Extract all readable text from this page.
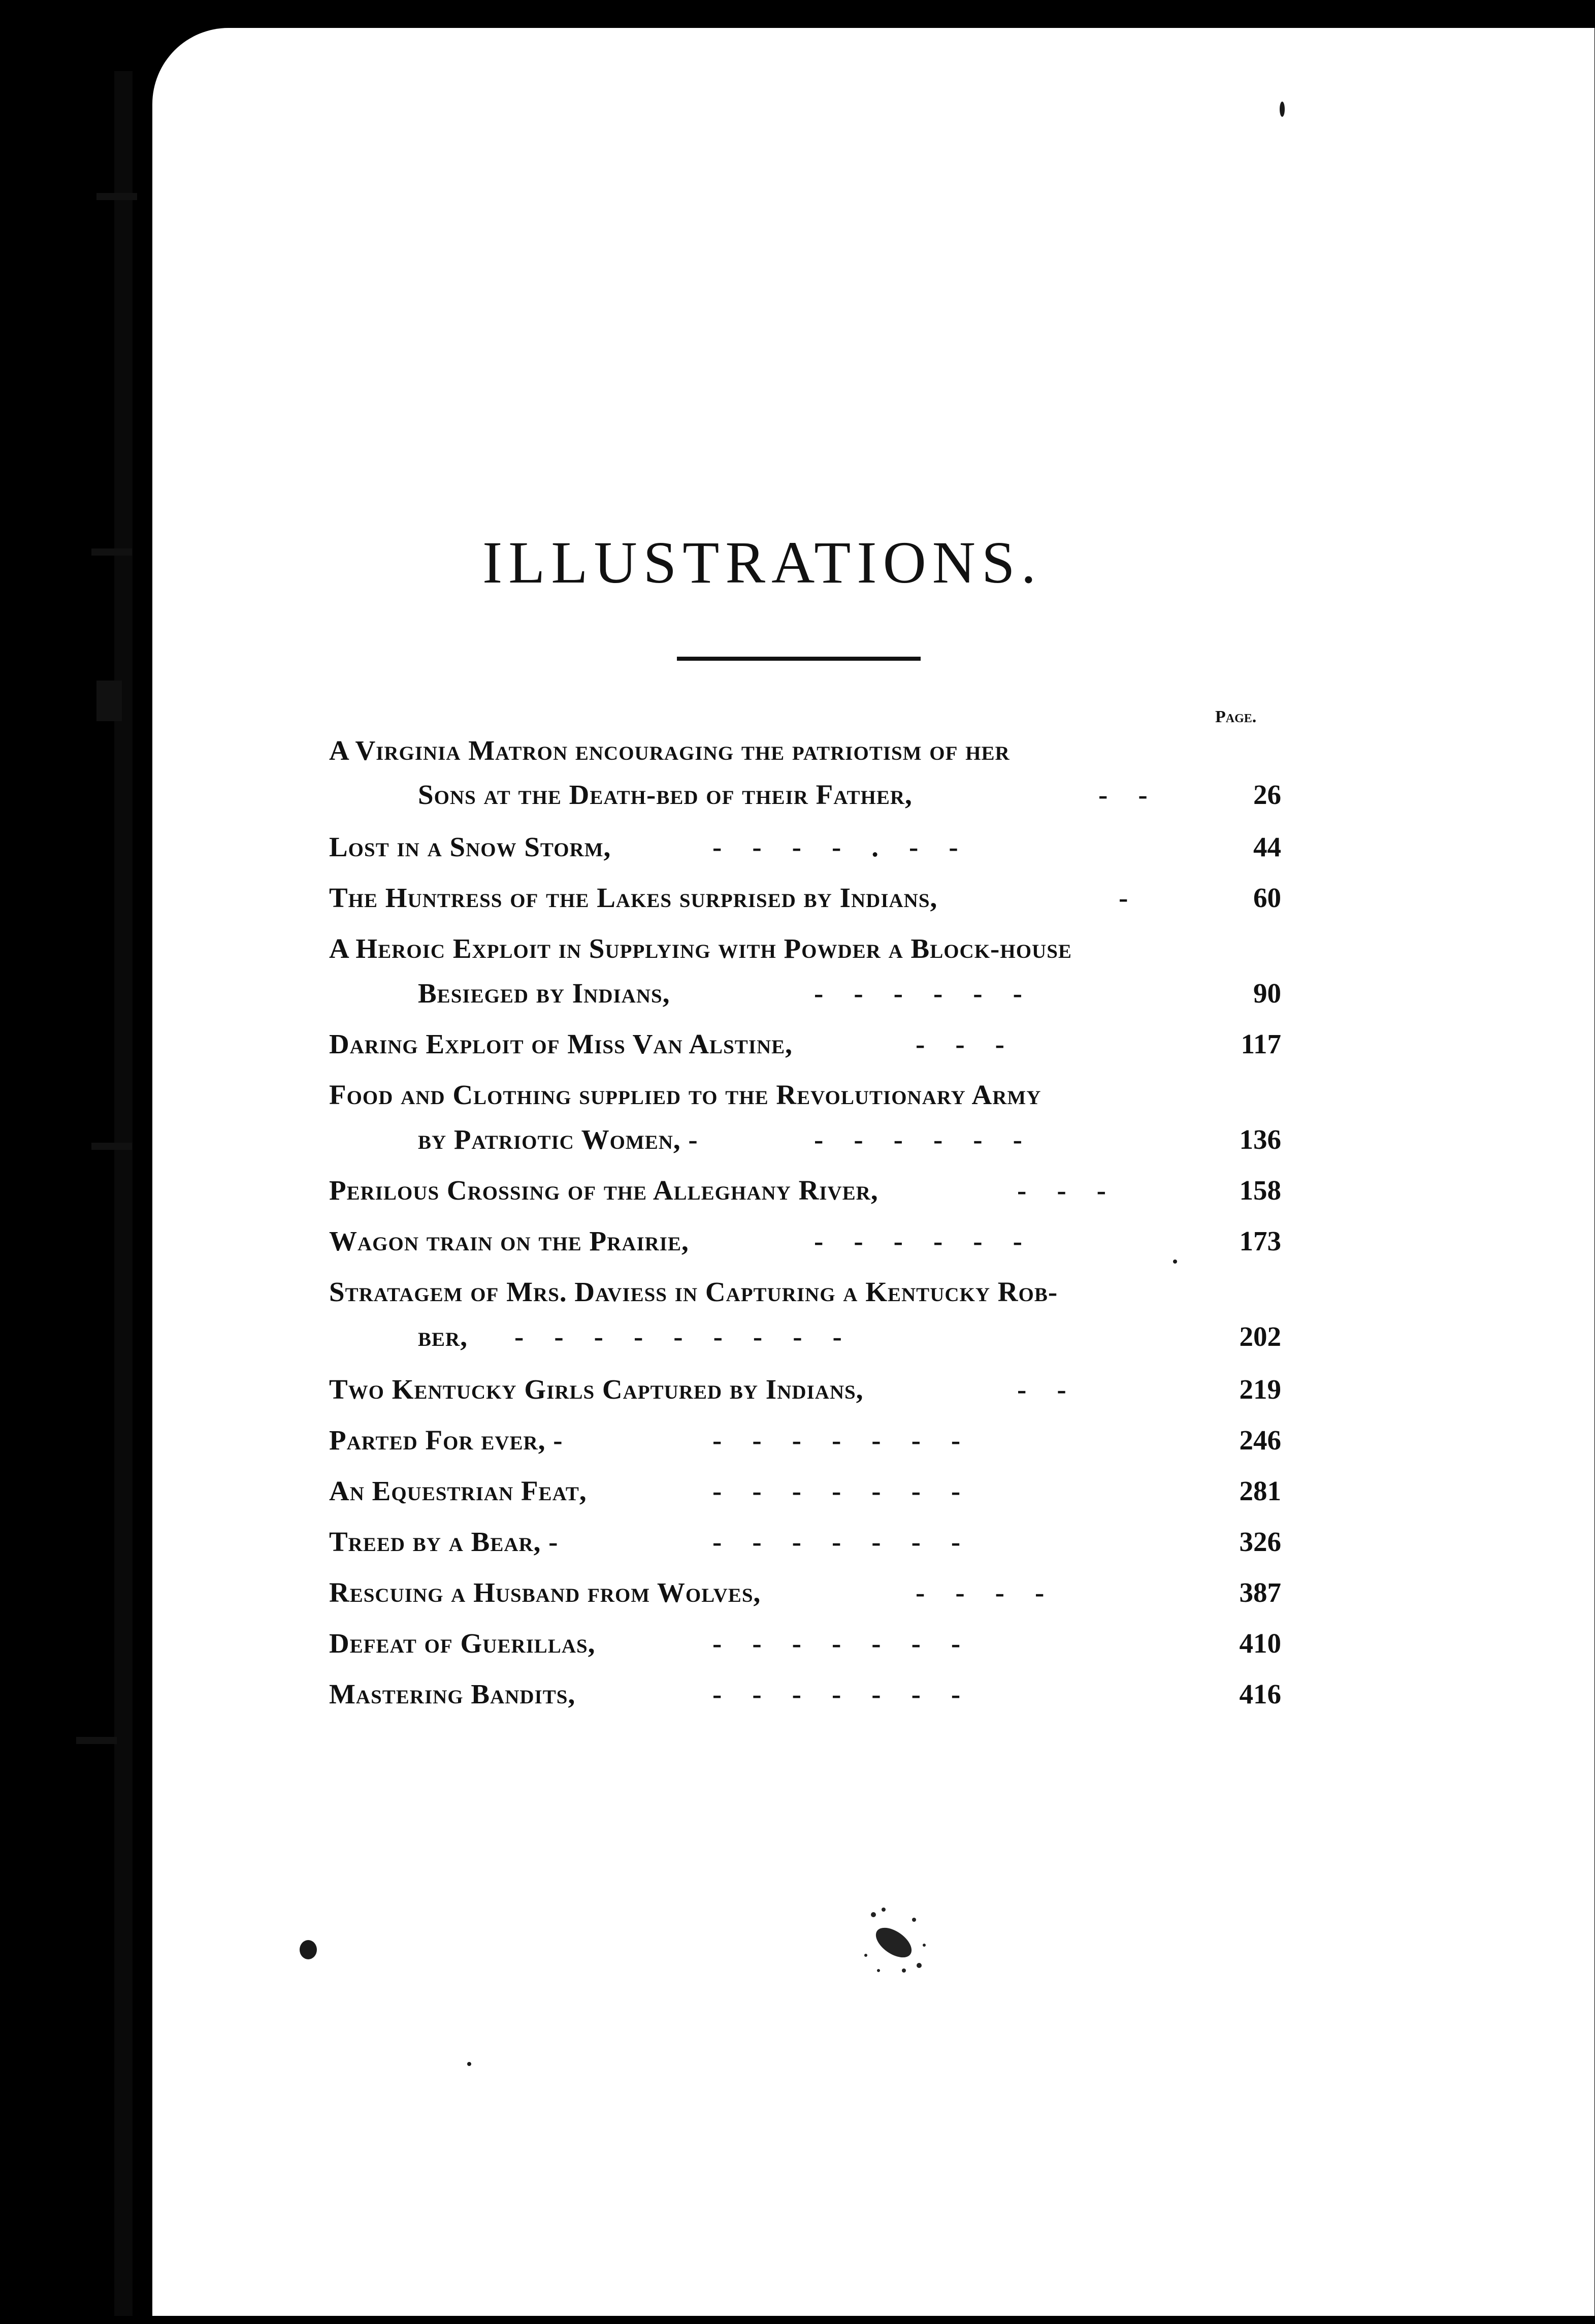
ILLUSTRATIONS.
Page.
A Virginia Matron encouraging the patriotism of her
Sons at the Death-bed of their Father,	-    -	26
Lost in a Snow Storm,	-    -    -    -    .    -    -	44
The Huntress of the Lakes surprised by Indians,	-	60
A Heroic Exploit in Supplying with Powder a Block-house
Besieged by Indians,	-    -    -    -    -    -	90
Daring Exploit of Miss Van Alstine,	-    -    -	117
Food and Clothing supplied to the Revolutionary Army
by Patriotic Women, -	-    -    -    -    -    -	136
Perilous Crossing of the Alleghany River,	-    -    -	158
Wagon train on the Prairie,	-    -    -    -    -    -	173
Stratagem of Mrs. Daviess in Capturing a Kentucky Rob-
ber, -    -    -    -    -    -    -    -    -	202
Two Kentucky Girls Captured by Indians,	-    -	219
Parted For ever, -	-    -    -    -    -    -    -	246
An Equestrian Feat,	-    -    -    -    -    -    -	281
Treed by a Bear, -	-    -    -    -    -    -    -	326
Rescuing a Husband from Wolves,	-    -    -    -	387
Defeat of Guerillas,	-    -    -    -    -    -    -	410
Mastering Bandits,	-    -    -    -    -    -    -	416
